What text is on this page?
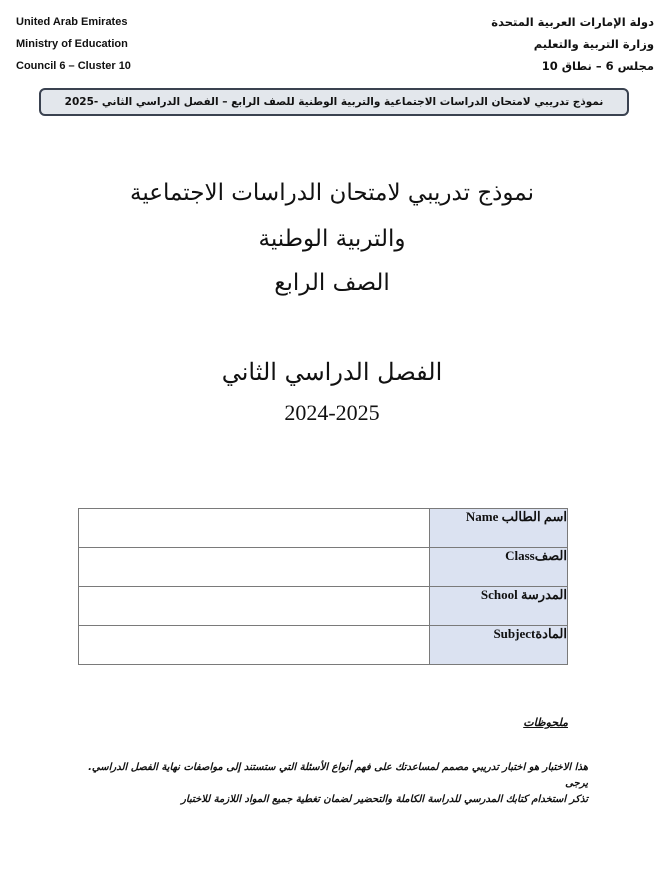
United Arab Emirates
Ministry of Education
Council 6 – Cluster 10
دولة الإمارات العربية المتحدة
وزارة التربية والتعليم
مجلس 6 – نطاق 10
نموذج تدريبي لامتحان الدراسات الاجتماعية والتربية الوطنية للصف الرابع – الفصل الدراسي الثاني -2025
نموذج تدريبي لامتحان الدراسات الاجتماعية
والتربية الوطنية
الصف الرابع
الفصل الدراسي الثاني
2024-2025
	اسم الطالب Name
	الصفClass
	المدرسة School
	المادةSubject
ملحوظات
هذا الاختبار هو اختبار تدريبي مصمم لمساعدتك على فهم أنواع الأسئلة التي ستستند إلى مواصفات نهاية الفصل الدراسي. يرجى
تذكر استخدام كتابك المدرسي للدراسة الكاملة والتحضير لضمان تغطية جميع المواد اللازمة للاختبار
